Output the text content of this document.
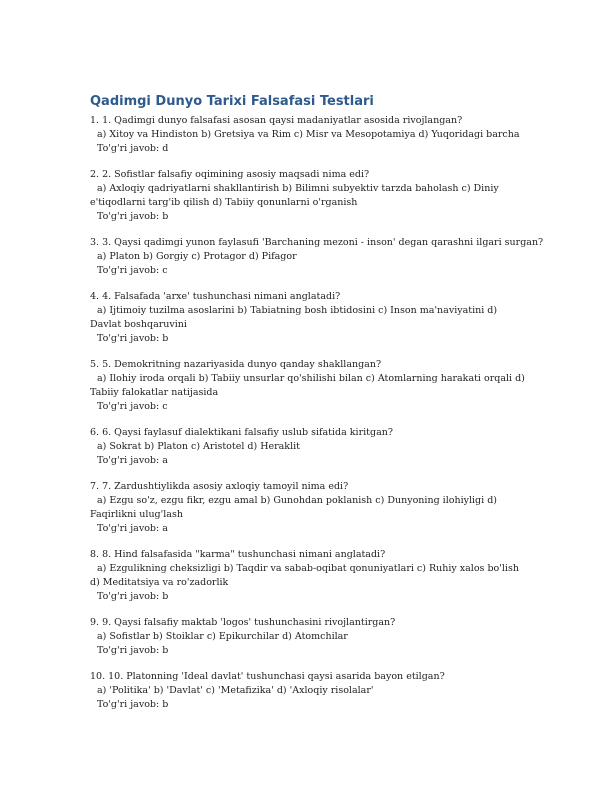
Qadimgi Dunyo Tarixi Falsafasi Testlari
1. 1. Qadimgi dunyo falsafasi asosan qaysi madaniyatlar asosida rivojlangan?
a) Xitoy va Hindiston b) Gretsiya va Rim c) Misr va Mesopotamiya d) Yuqoridagi barcha
To'g'ri javob: d
2. 2. Sofistlar falsafiy oqimining asosiy maqsadi nima edi?
a) Axloqiy qadriyatlarni shakllantirish b) Bilimni subyektiv tarzda baholash c) Diniy e'tiqodlarni targ'ib qilish d) Tabiiy qonunlarni o'rganish
To'g'ri javob: b
3. 3. Qaysi qadimgi yunon faylasufi 'Barchaning mezoni - inson' degan qarashni ilgari surgan?
a) Platon b) Gorgiy c) Protagor d) Pifagor
To'g'ri javob: c
4. 4. Falsafada 'arxe' tushunchasi nimani anglatadi?
a) Ijtimoiy tuzilma asoslarini b) Tabiatning bosh ibtidosini c) Inson ma'naviyatini d) Davlat boshqaruvini
To'g'ri javob: b
5. 5. Demokritning nazariyasida dunyo qanday shakllangan?
a) Ilohiy iroda orqali b) Tabiiy unsurlar qo'shilishi bilan c) Atomlarning harakati orqali d) Tabiiy falokatlar natijasida
To'g'ri javob: c
6. 6. Qaysi faylasuf dialektikani falsafiy uslub sifatida kiritgan?
a) Sokrat b) Platon c) Aristotel d) Heraklit
To'g'ri javob: a
7. 7. Zardushtiylikda asosiy axloqiy tamoyil nima edi?
a) Ezgu so'z, ezgu fikr, ezgu amal b) Gunohdan poklanish c) Dunyoning ilohiyligi d) Faqirlikni ulug'lash
To'g'ri javob: a
8. 8. Hind falsafasida "karma" tushunchasi nimani anglatadi?
a) Ezgulikning cheksizligi b) Taqdir va sabab-oqibat qonuniyatlari c) Ruhiy xalos bo'lish d) Meditatsiya va ro'zadorlik
To'g'ri javob: b
9. 9. Qaysi falsafiy maktab 'logos' tushunchasini rivojlantirgan?
a) Sofistlar b) Stoiklar c) Epikurchilar d) Atomchilar
To'g'ri javob: b
10. 10. Platonning 'Ideal davlat' tushunchasi qaysi asarida bayon etilgan?
a) 'Politika' b) 'Davlat' c) 'Metafizika' d) 'Axloqiy risolalar'
To'g'ri javob: b
